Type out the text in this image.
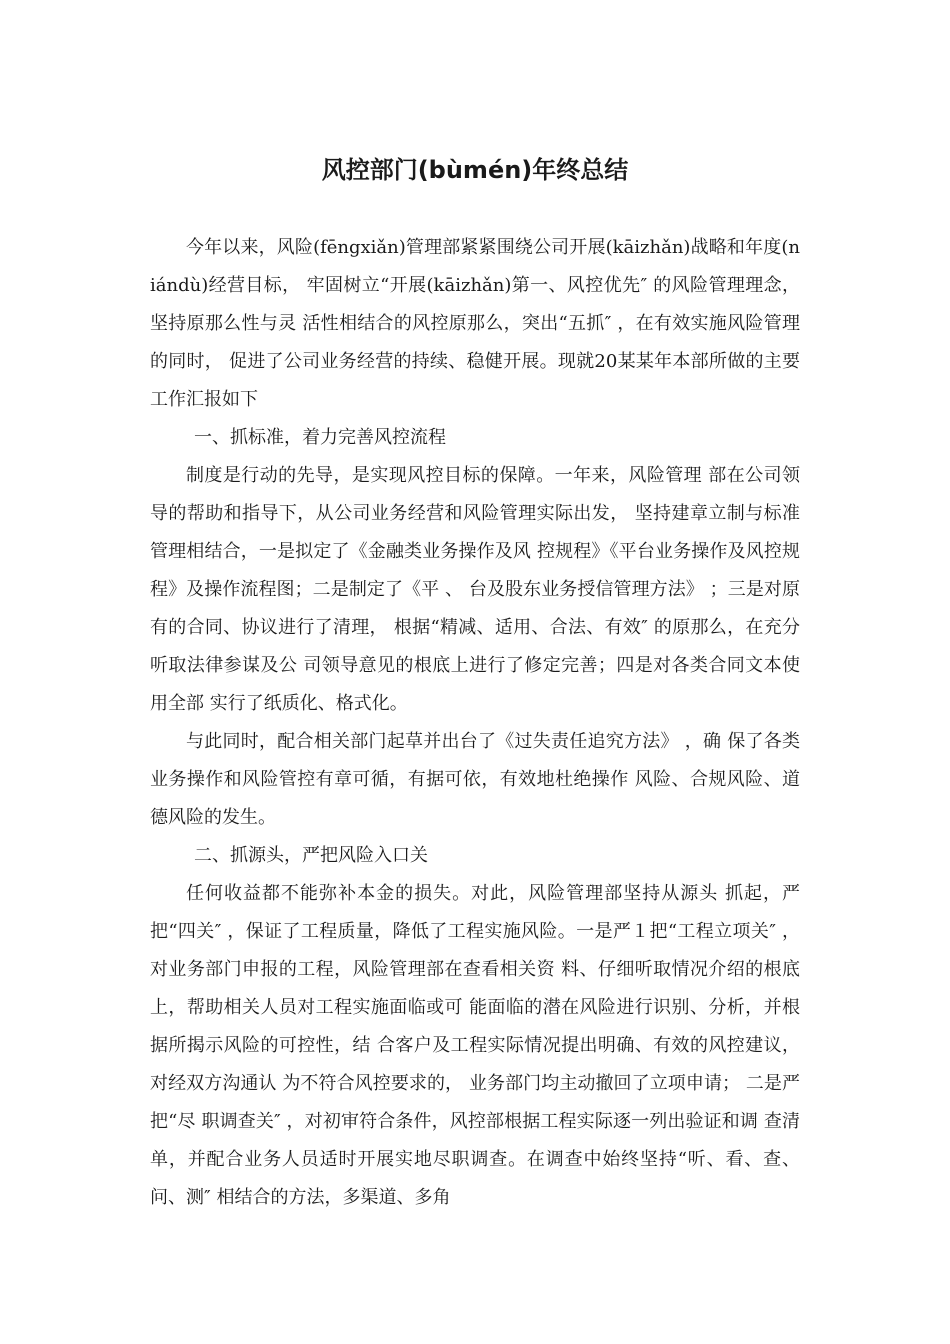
风控部门(bùmén)年终总结

今年以来，风险(fēngxiǎn)管理部紧紧围绕公司开展(kāizhǎn)战略和年度(niándù)经营目标， 牢固树立“开展(kāizhǎn)第一、风控优先″ 的风险管理理念，坚持原那么性与灵 活性相结合的风控原那么，突出“五抓″ ，在有效实施风险管理的同时， 促进了公司业务经营的持续、稳健开展。现就20某某年本部所做的主要 工作汇报如下

一、抓标准，着力完善风控流程

制度是行动的先导，是实现风控目标的保障。一年来，风险管理 部在公司领导的帮助和指导下，从公司业务经营和风险管理实际出发， 坚持建章立制与标准管理相结合，一是拟定了《金融类业务操作及风 控规程》《平台业务操作及风控规程》及操作流程图；二是制定了《平 、 台及股东业务授信管理方法》 ；三是对原有的合同、协议进行了清理， 根据“精减、适用、合法、有效″ 的原那么，在充分听取法律参谋及公 司领导意见的根底上进行了修定完善；四是对各类合同文本使用全部 实行了纸质化、格式化。

与此同时，配合相关部门起草并出台了《过失责任追究方法》 ，确 保了各类业务操作和风险管控有章可循，有据可依，有效地杜绝操作 风险、合规风险、道德风险的发生。

二、抓源头，严把风险入口关

任何收益都不能弥补本金的损失。对此，风险管理部坚持从源头 抓起，严把“四关″ ，保证了工程质量，降低了工程实施风险。一是严１把“工程立项关″ ，对业务部门申报的工程，风险管理部在查看相关资 料、仔细听取情况介绍的根底上，帮助相关人员对工程实施面临或可 能面临的潜在风险进行识别、分析，并根据所揭示风险的可控性，结 合客户及工程实际情况提出明确、有效的风控建议，对经双方沟通认 为不符合风控要求的， 业务部门均主动撤回了立项申请； 二是严把“尽 职调查关″ ，对初审符合条件，风控部根据工程实际逐一列出验证和调 查清单，并配合业务人员适时开展实地尽职调查。在调查中始终坚持“听、看、查、问、测″ 相结合的方法，多渠道、多角
